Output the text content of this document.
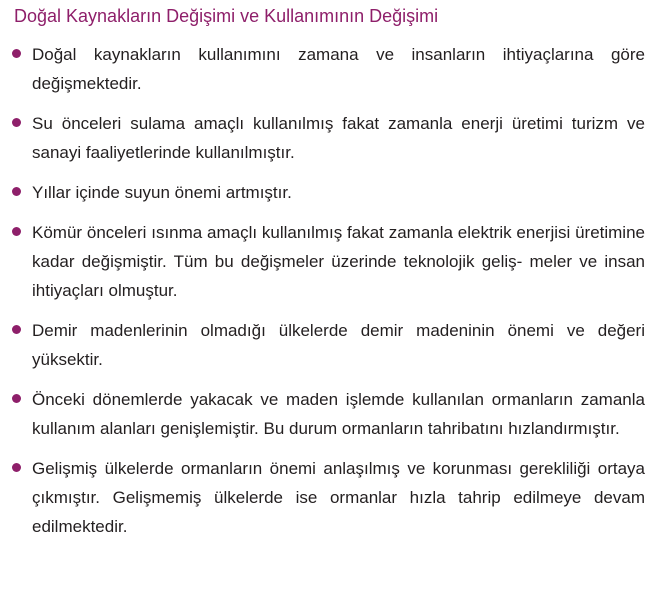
Doğal Kaynakların Değişimi ve Kullanımının Değişimi
Doğal kaynakların kullanımını zamana ve insanların ihtiyaçlarına göre değişmektedir.
Su önceleri sulama amaçlı kullanılmış fakat zamanla enerji üretimi turizm ve sanayi faaliyetlerinde kullanılmıştır.
Yıllar içinde suyun önemi artmıştır.
Kömür önceleri ısınma amaçlı kullanılmış fakat zamanla elektrik enerjisi üretimine kadar değişmiştir. Tüm bu değişmeler üzerinde teknolojik geliş- meler ve insan ihtiyaçları olmuştur.
Demir madenlerinin olmadığı ülkelerde demir madeninin önemi ve değeri yüksektir.
Önceki dönemlerde yakacak ve maden işlemde kullanılan ormanların zamanla kullanım alanları genişlemiştir. Bu durum ormanların tahribatını hızlandırmıştır.
Gelişmiş ülkelerde ormanların önemi anlaşılmış ve korunması gerekliliği ortaya çıkmıştır. Gelişmemiş ülkelerde ise ormanlar hızla tahrip edilmeye devam edilmektedir.
